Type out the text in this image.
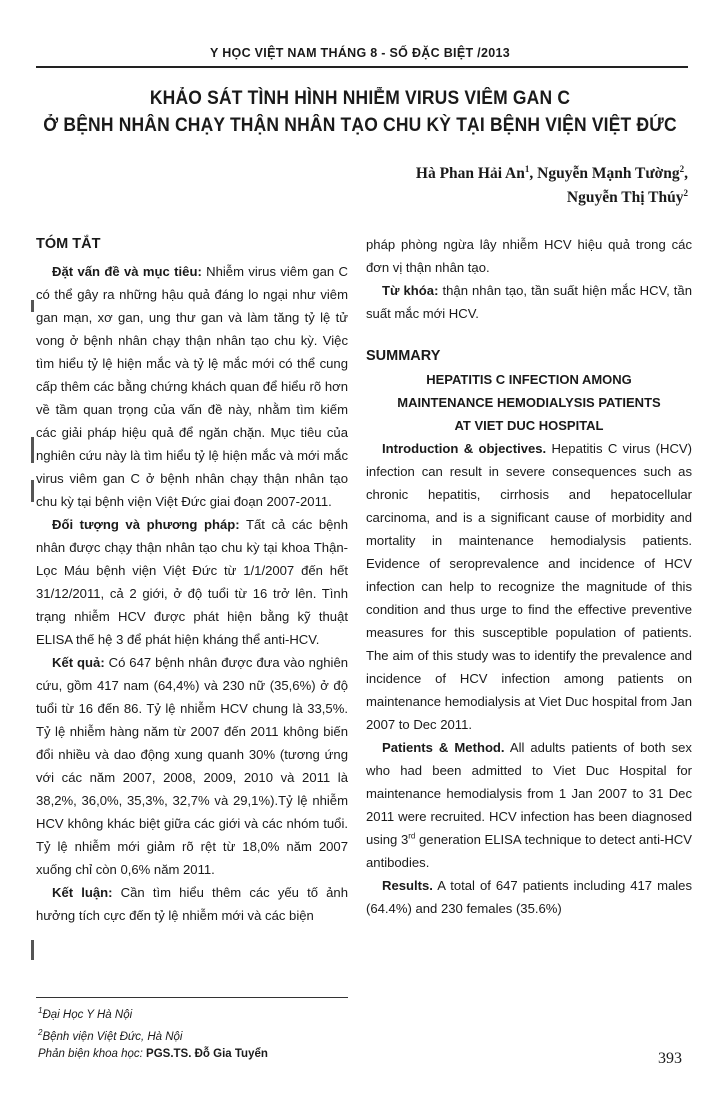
Y HỌC VIỆT NAM THÁNG 8 - SỐ ĐẶC BIỆT /2013
KHẢO SÁT TÌNH HÌNH NHIỄM VIRUS VIÊM GAN C
Ở BỆNH NHÂN CHẠY THẬN NHÂN TẠO CHU KỲ TẠI BỆNH VIỆN VIỆT ĐỨC
Hà Phan Hải An$^1$, Nguyễn Mạnh Tường$^2$,
Nguyễn Thị Thúy$^2$

TÓM TẮT

Đặt vấn đề và mục tiêu: Nhiễm virus viêm gan C có thể gây ra những hậu quả đáng lo ngại như viêm gan mạn, xơ gan, ung thư gan và làm tăng tỷ lệ tử vong ở bệnh nhân chạy thận nhân tạo chu kỳ. Việc tìm hiểu tỷ lệ hiện mắc và tỷ lệ mắc mới có thể cung cấp thêm các bằng chứng khách quan để hiểu rõ hơn về tầm quan trọng của vấn đề này, nhằm tìm kiếm các giải pháp hiệu quả để ngăn chặn. Mục tiêu của nghiên cứu này là tìm hiểu tỷ lệ hiện mắc và mới mắc virus viêm gan C ở bệnh nhân chạy thận nhân tạo chu kỳ tại bệnh viện Việt Đức giai đoạn 2007-2011.

Đối tượng và phương pháp: Tất cả các bệnh nhân được chạy thận nhân tạo chu kỳ tại khoa Thận-Lọc Máu bệnh viện Việt Đức từ 1/1/2007 đến hết 31/12/2011, cả 2 giới, ở độ tuổi từ 16 trở lên. Tình trạng nhiễm HCV được phát hiện bằng kỹ thuật ELISA thế hệ 3 để phát hiện kháng thể anti-HCV.

Kết quả: Có 647 bệnh nhân được đưa vào nghiên cứu, gồm 417 nam (64,4%) và 230 nữ (35,6%) ở độ tuổi từ 16 đến 86. Tỷ lệ nhiễm HCV chung là 33,5%. Tỷ lệ nhiễm hàng năm từ 2007 đến 2011 không biến đổi nhiều và dao động xung quanh 30% (tương ứng với các năm 2007, 2008, 2009, 2010 và 2011 là 38,2%, 36,0%, 35,3%, 32,7% và 29,1%).Tỷ lệ nhiễm HCV không khác biệt giữa các giới và các nhóm tuổi. Tỷ lệ nhiễm mới giảm rõ rệt từ 18,0% năm 2007 xuống chỉ còn 0,6% năm 2011.

Kết luận: Cần tìm hiểu thêm các yếu tố ảnh hưởng tích cực đến tỷ lệ nhiễm mới và các biện

pháp phòng ngừa lây nhiễm HCV hiệu quả trong các đơn vị thận nhân tạo.

Từ khóa: thận nhân tạo, tần suất hiện mắc HCV, tần suất mắc mới HCV.

SUMMARY

HEPATITIS C INFECTION AMONG

MAINTENANCE HEMODIALYSIS PATIENTS

AT VIET DUC HOSPITAL

Introduction & objectives. Hepatitis C virus (HCV) infection can result in severe consequences such as chronic hepatitis, cirrhosis and hepatocellular carcinoma, and is a significant cause of morbidity and mortality in maintenance hemodialysis patients. Evidence of seroprevalence and incidence of HCV infection can help to recognize the magnitude of this condition and thus urge to find the effective preventive measures for this susceptible population of patients. The aim of this study was to identify the prevalence and incidence of HCV infection among patients on maintenance hemodialysis at Viet Duc hospital from Jan 2007 to Dec 2011.

Patients & Method. All adults patients of both sex who had been admitted to Viet Duc Hospital for maintenance hemodialysis from 1 Jan 2007 to 31 Dec 2011 were recruited. HCV infection has been diagnosed using 3rd generation ELISA technique to detect anti-HCV antibodies.

Results. A total of 647 patients including 417 males (64.4%) and 230 females (35.6%)

$^1$Đại Học Y Hà Nội
$^2$Bệnh viện Việt Đức, Hà Nội
Phản biện khoa học: PGS.TS. Đỗ Gia Tuyển	393
